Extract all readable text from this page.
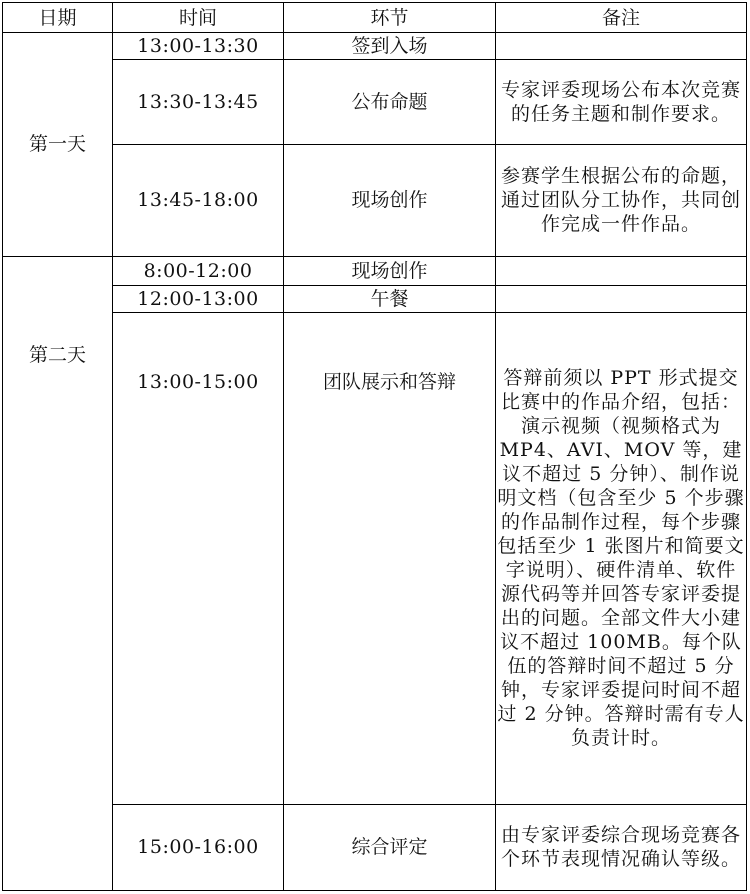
日期	时间	环节	备注
第一天	13:00-13:30	签到入场	
	13:30-13:45	公布命题	专家评委现场公布本次竞赛的任务主题和制作要求。
	13:45-18:00	现场创作	参赛学生根据公布的命题，通过团队分工协作，共同创作完成一件作品。
第二天	8:00-12:00	现场创作	
	12:00-13:00	午餐	
	13:00-15:00	团队展示和答辩	答辩前须以 PPT 形式提交比赛中的作品介绍，包括：演示视频（视频格式为 MP4、AVI、MOV 等，建议不超过 5 分钟）、制作说明文档（包含至少 5 个步骤的作品制作过程，每个步骤包括至少 1 张图片和简要文字说明）、硬件清单、软件源代码等并回答专家评委提出的问题。全部文件大小建议不超过 100MB。每个队伍的答辩时间不超过 5 分钟，专家评委提问时间不超过 2 分钟。答辩时需有专人负责计时。
	15:00-16:00	综合评定	由专家评委综合现场竞赛各个环节表现情况确认等级。
